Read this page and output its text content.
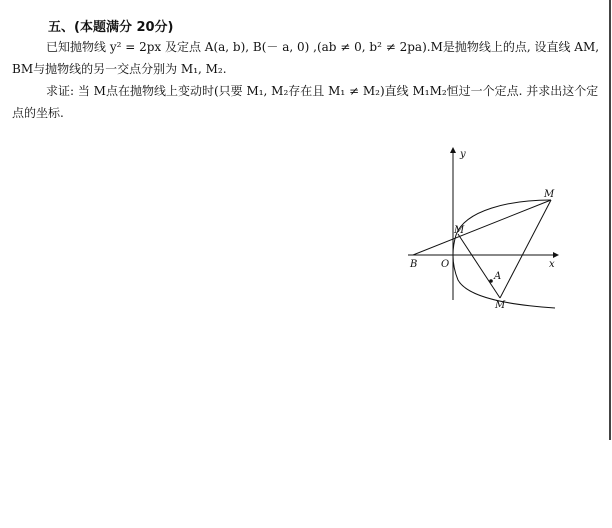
五、(本题满分 20分)
已知抛物线 y² = 2px 及定点 A(a, b), B(－ a, 0) ,(ab ≠ 0, b² ≠ 2pa).M是抛物线上的点, 设直线 AM, BM与抛物线的另一交点分别为 M₁, M₂.
求证: 当 M点在抛物线上变动时(只要 M₁, M₂存在且 M₁ ≠ M₂)直线 M₁M₂恒过一个定点. 并求出这个定点的坐标.
y
x
O
B
A
M
M
M
